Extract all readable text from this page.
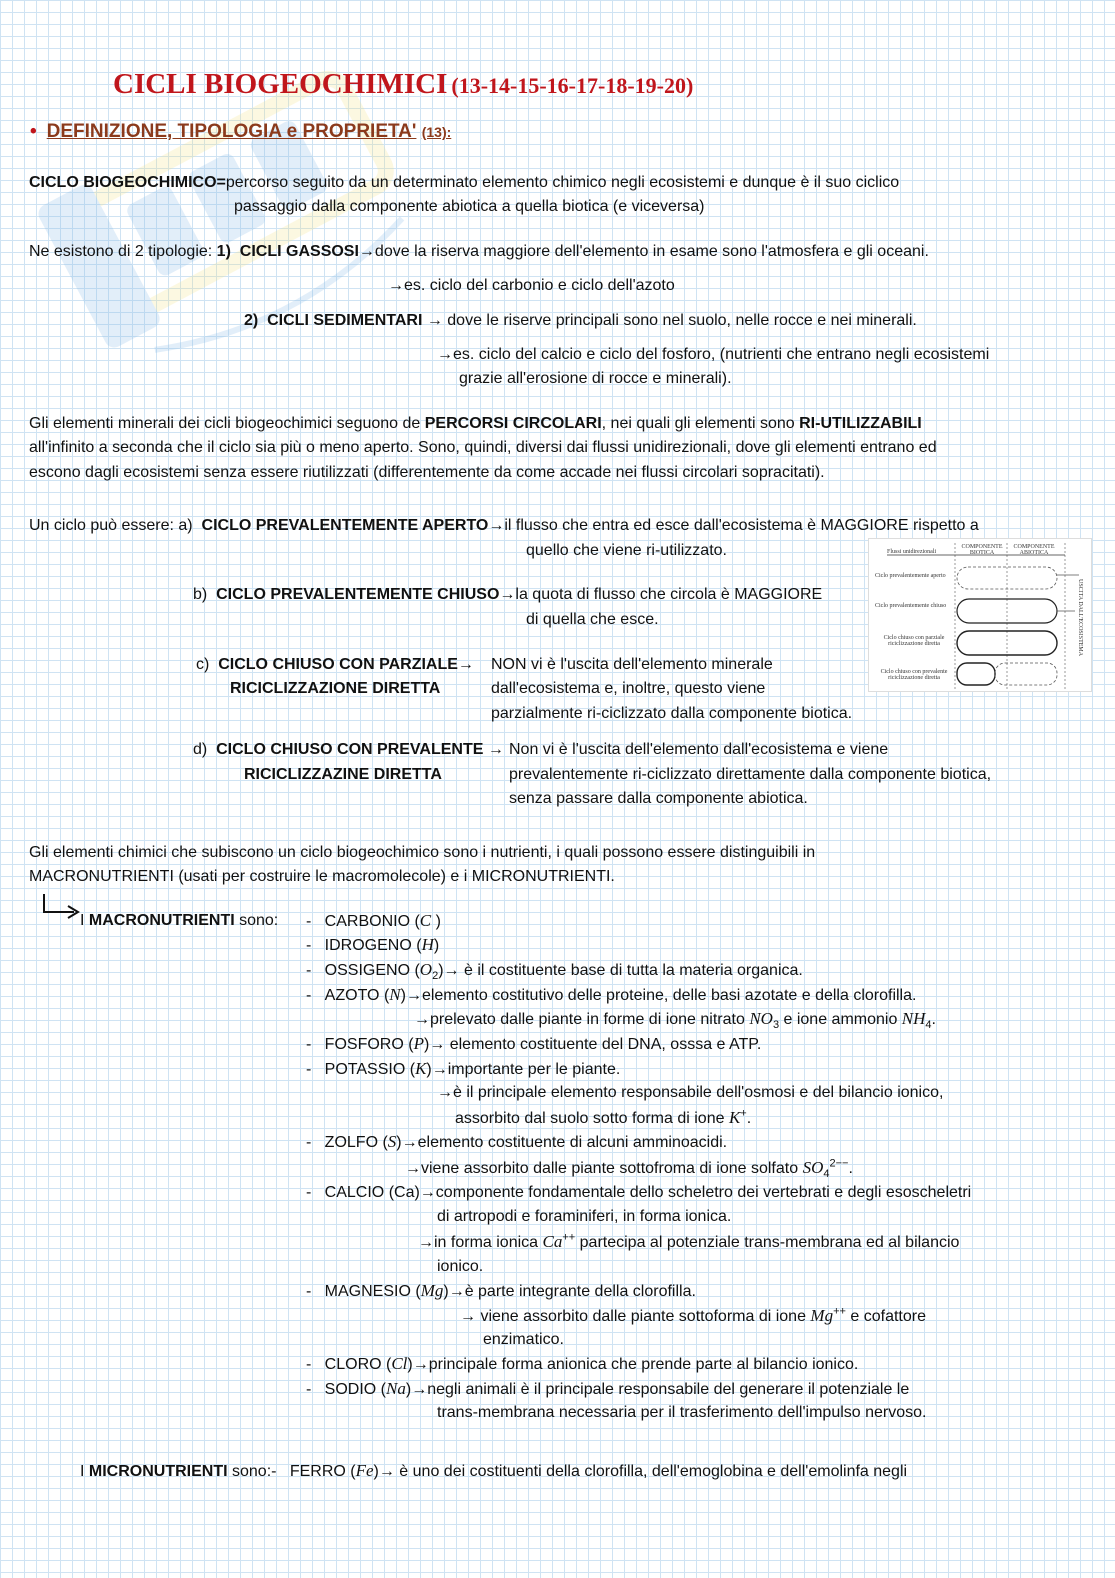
CICLI BIOGEOCHIMICI (13-14-15-16-17-18-19-20)
• DEFINIZIONE, TIPOLOGIA e PROPRIETA' (13):
CICLO BIOGEOCHIMICO=percorso seguito da un determinato elemento chimico negli ecosistemi e dunque è il suo ciclico
passaggio dalla componente abiotica a quella biotica (e viceversa)
Ne esistono di 2 tipologie: 1) CICLI GASSOSI→dove la riserva maggiore dell'elemento in esame sono l'atmosfera e gli oceani.
→es. ciclo del carbonio e ciclo dell'azoto
2) CICLI SEDIMENTARI → dove le riserve principali sono nel suolo, nelle rocce e nei minerali.
→es. ciclo del calcio e ciclo del fosforo, (nutrienti che entrano negli ecosistemi
grazie all'erosione di rocce e minerali).
Gli elementi minerali dei cicli biogeochimici seguono de PERCORSI CIRCOLARI, nei quali gli elementi sono RI-UTILIZZABILI
all'infinito a seconda che il ciclo sia più o meno aperto. Sono, quindi, diversi dai flussi unidirezionali, dove gli elementi entrano ed
escono dagli ecosistemi senza essere riutilizzati (differentemente da come accade nei flussi circolari sopracitati).
Un ciclo può essere: a) CICLO PREVALENTEMENTE APERTO→il flusso che entra ed esce dall'ecosistema è MAGGIORE rispetto a
quello che viene ri-utilizzato.
b) CICLO PREVALENTEMENTE CHIUSO→la quota di flusso che circola è MAGGIORE
di quella che esce.
c) CICLO CHIUSO CON PARZIALE→
RICICLIZZAZIONE DIRETTA
NON vi è l'uscita dell'elemento minerale
dall'ecosistema e, inoltre, questo viene
parzialmente ri-ciclizzato dalla componente biotica.
d) CICLO CHIUSO CON PREVALENTE →
RICICLIZZAZINE DIRETTA
Non vi è l'uscita dell'elemento dall'ecosistema e viene
prevalentemente ri-ciclizzato direttamente dalla componente biotica,
senza passare dalla componente abiotica.
Flussi unidirezionali
COMPONENTE BIOTICA
COMPONENTE ABIOTICA
Ciclo prevalentemente aperto
Ciclo prevalentemente chiuso
Ciclo chiuso con parziale riciclizzazione diretta
Ciclo chiuso con prevalente riciclizzazione diretta
USCITA DALL'ECOSISTEMA
Gli elementi chimici che subiscono un ciclo biogeochimico sono i nutrienti, i quali possono essere distinguibili in
MACRONUTRIENTI (usati per costruire le macromolecole) e i MICRONUTRIENTI.
I MACRONUTRIENTI sono: - CARBONIO (C )
- IDROGENO (H)
- OSSIGENO $(O_2)\to$ è il costituente base di tutta la materia organica.
- AZOTO (N)→elemento costitutivo delle proteine, delle basi azotate e della clorofilla.
→prelevato dalle piante in forme di ione nitrato $NO_3$ e ione ammonio $NH_4$.
- FOSFORO (P)→ elemento costituente del DNA, osssa e ATP.
- POTASSIO (K)→importante per le piante.
→è il principale elemento responsabile dell'osmosi e del bilancio ionico,
assorbito dal suolo sotto forma di ione K+.
- ZOLFO (S)→elemento costituente di alcuni amminoacidi.
→viene assorbito dalle piante sottofroma di ione solfato $SO_4^{2--}$.
- CALCIO (Ca)→componente fondamentale dello scheletro dei vertebrati e degli esoscheletri
di artropodi e foraminiferi, in forma ionica.
→in forma ionica Ca++ partecipa al potenziale trans-membrana ed al bilancio
ionico.
- MAGNESIO (Mg)→è parte integrante della clorofilla.
→ viene assorbito dalle piante sottoforma di ione Mg++ e cofattore
enzimatico.
- CLORO (Cl)→principale forma anionica che prende parte al bilancio ionico.
- SODIO (Na)→negli animali è il principale responsabile del generare il potenziale le
trans-membrana necessaria per il trasferimento dell'impulso nervoso.
I MICRONUTRIENTI sono:- FERRO (Fe)→ è uno dei costituenti della clorofilla, dell'emoglobina e dell'emolinfa negli
